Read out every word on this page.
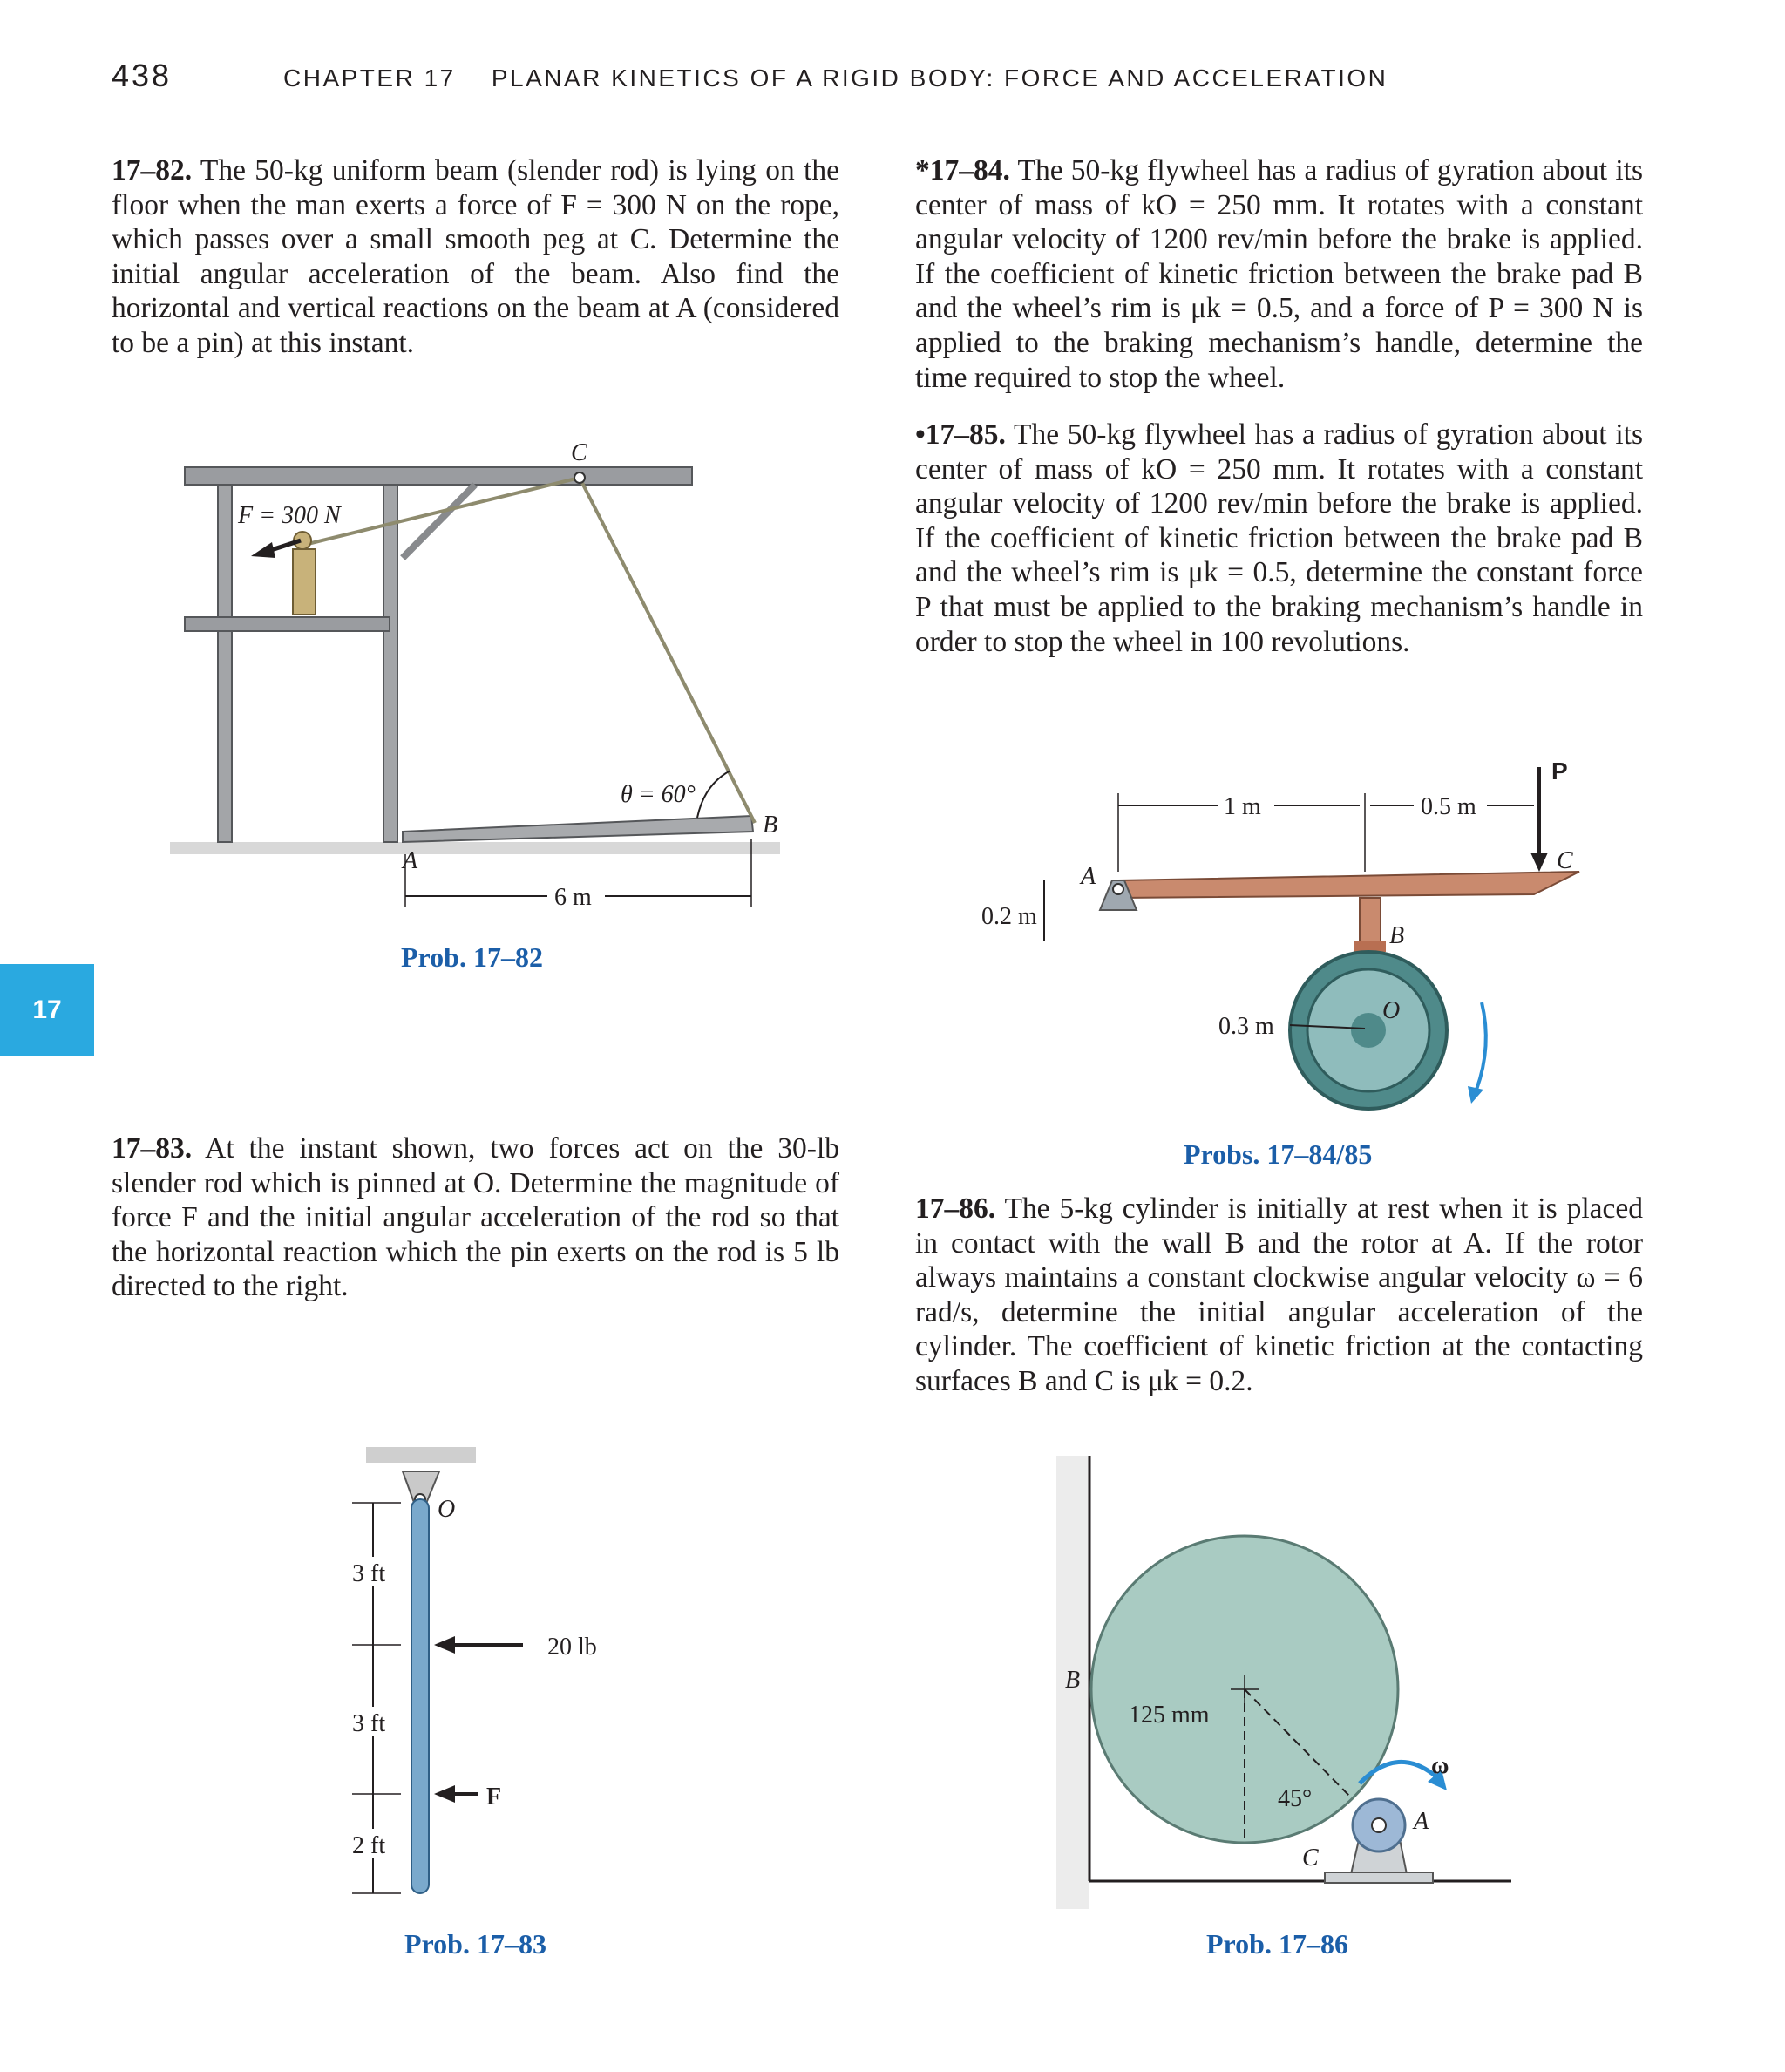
438	CHAPTER 17 PLANAR KINETICS OF A RIGID BODY: FORCE AND ACCELERATION
17
17–82. The 50-kg uniform beam (slender rod) is lying on the floor when the man exerts a force of F = 300 N on the rope, which passes over a small smooth peg at C. Determine the initial angular acceleration of the beam. Also find the horizontal and vertical reactions on the beam at A (considered to be a pin) at this instant.
*17–84. The 50-kg flywheel has a radius of gyration about its center of mass of kO = 250 mm. It rotates with a constant angular velocity of 1200 rev/min before the brake is applied. If the coefficient of kinetic friction between the brake pad B and the wheel’s rim is μk = 0.5, and a force of P = 300 N is applied to the braking mechanism’s handle, determine the time required to stop the wheel.
•17–85. The 50-kg flywheel has a radius of gyration about its center of mass of kO = 250 mm. It rotates with a constant angular velocity of 1200 rev/min before the brake is applied. If the coefficient of kinetic friction between the brake pad B and the wheel’s rim is μk = 0.5, determine the constant force P that must be applied to the braking mechanism’s handle in order to stop the wheel in 100 revolutions.
17–83. At the instant shown, two forces act on the 30-lb slender rod which is pinned at O. Determine the magnitude of force F and the initial angular acceleration of the rod so that the horizontal reaction which the pin exerts on the rod is 5 lb directed to the right.
17–86. The 5-kg cylinder is initially at rest when it is placed in contact with the wall B and the rotor at A. If the rotor always maintains a constant clockwise angular velocity ω = 6 rad/s, determine the initial angular acceleration of the cylinder. The coefficient of kinetic friction at the contacting surfaces B and C is μk = 0.2.
6 m
C
F = 300 N
θ = 60°
B
A
Prob. 17–82
1 m	0.5 m
0.2 m
0.3 m
P
C
A
B
O
Probs. 17–84/85
3 ft
3 ft
2 ft
20 lb
F
O
Prob. 17–83
B
125 mm
45°
C
A
ω
Prob. 17–86
